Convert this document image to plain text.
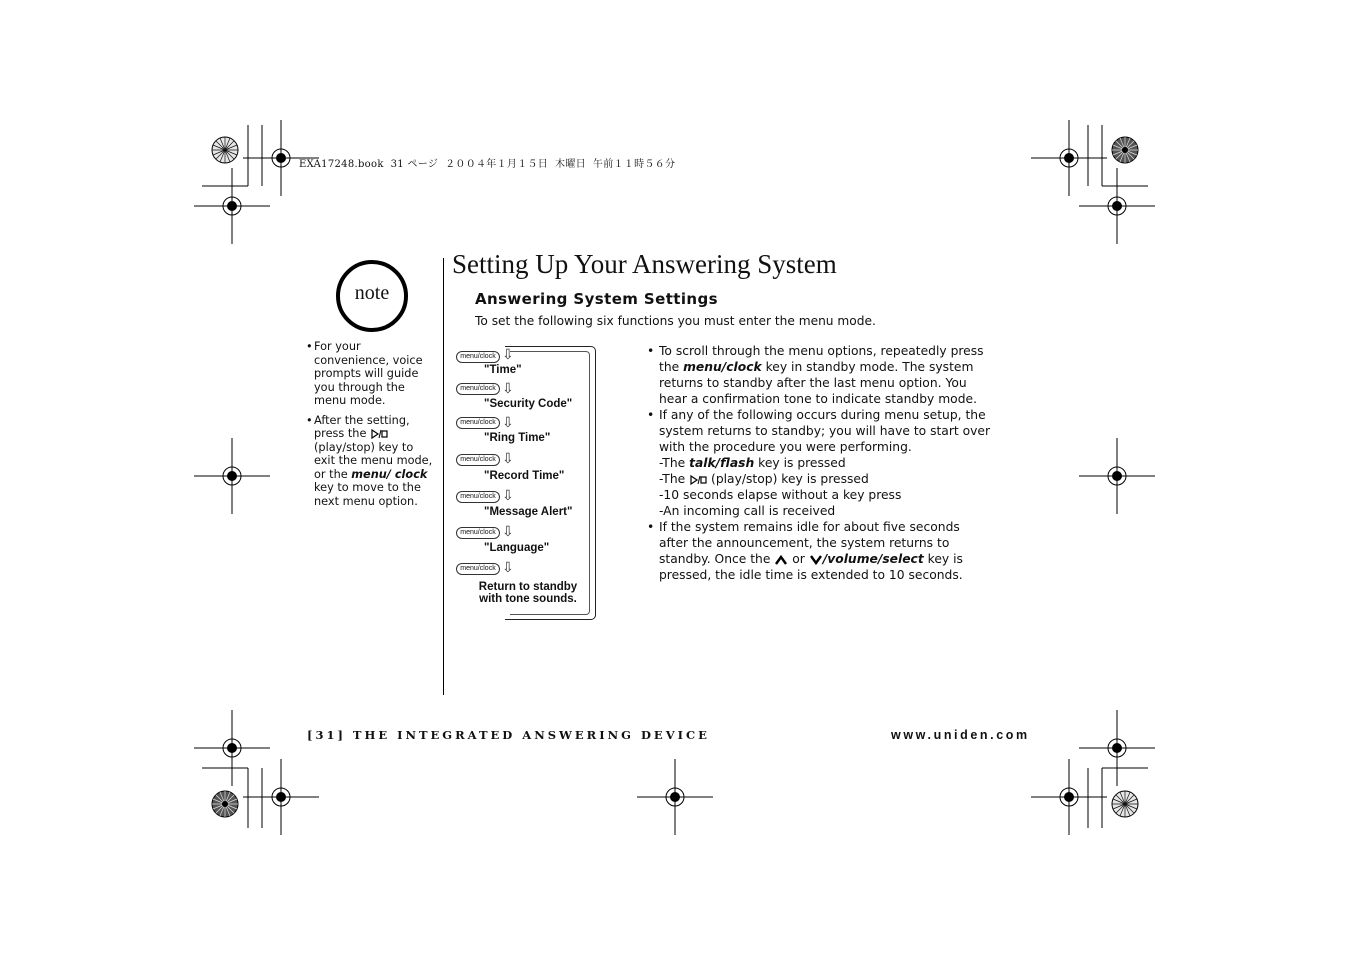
EXA17248.book  31 ページ  ２００４年１月１５日  木曜日  午前１１時５６分
note
• For your convenience, voice prompts will guide you through the menu mode.
• After the setting, press the  (play/stop) key to exit the menu mode, or the menu/ clock key to move to the next menu option.
Setting Up Your Answering System
Answering System Settings
To set the following six functions you must enter the menu mode.
menu/clock ⇩
"Time"
menu/clock ⇩
"Security Code"
menu/clock ⇩
"Ring Time"
menu/clock ⇩
"Record Time"
menu/clock ⇩
"Message Alert"
menu/clock ⇩
"Language"
menu/clock ⇩
Return to standby with tone sounds.
• To scroll through the menu options, repeatedly press the menu/clock key in standby mode. The system returns to standby after the last menu option. You hear a confirmation tone to indicate standby mode.
• If any of the following occurs during menu setup, the system returns to standby; you will have to start over with the procedure you were performing.
-The talk/flash key is pressed
-The (play/stop) key is pressed
-10 seconds elapse without a key press
-An incoming call is received
• If the system remains idle for about five seconds after the announcement, the system returns to standby. Once the or /volume/select key is pressed, the idle time is extended to 10 seconds.
[31] THE INTEGRATED ANSWERING DEVICE	www.uniden.com
